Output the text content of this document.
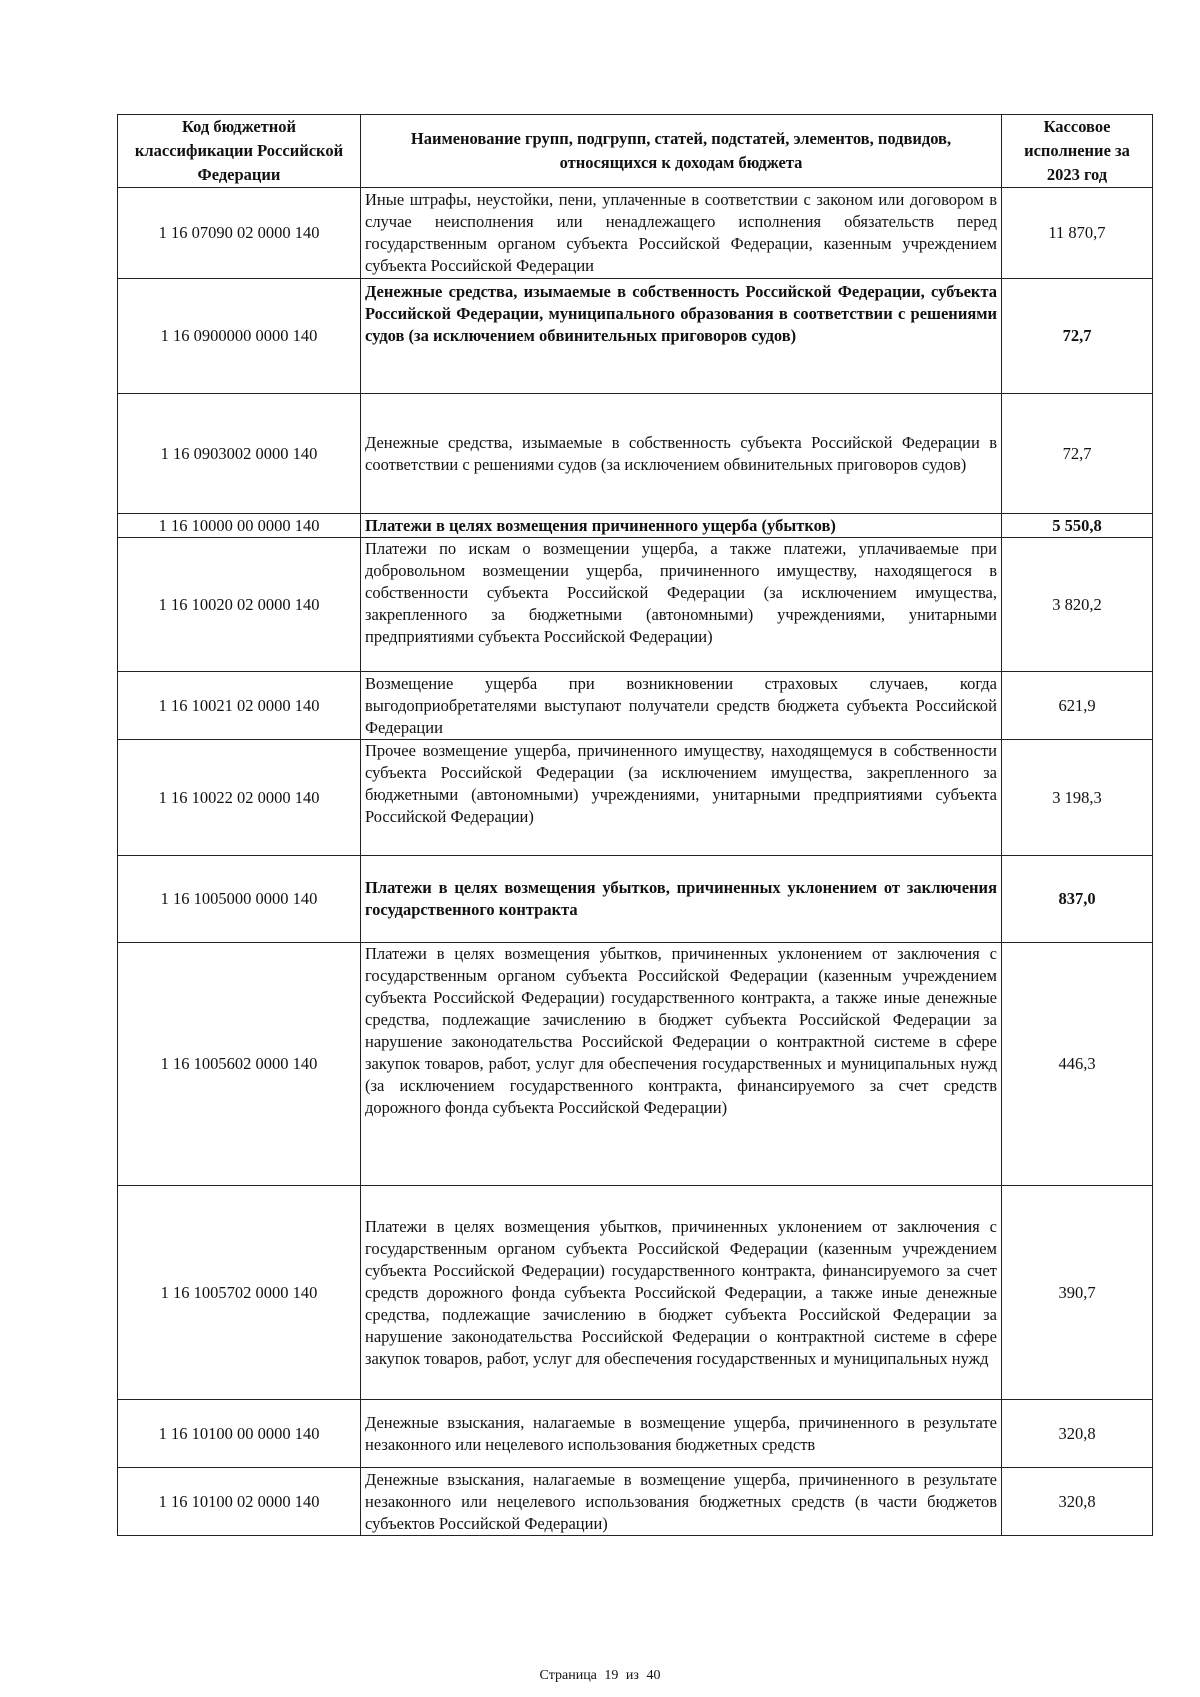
Код бюджетной классификации Российской Федерации	Наименование групп, подгрупп, статей, подстатей, элементов, подвидов, относящихся к доходам бюджета	Кассовое исполнение за 2023 год
1 16 07090 02 0000 140	Иные штрафы, неустойки, пени, уплаченные в соответствии с законом или договором в случае неисполнения или ненадлежащего исполнения обязательств перед государственным органом субъекта Российской Федерации, казенным учреждением субъекта Российской Федерации	11 870,7
1 16 0900000 0000 140	Денежные средства, изымаемые в собственность Российской Федерации, субъекта Российской Федерации, муниципального образования в соответствии с решениями судов (за исключением обвинительных приговоров судов)	72,7
1 16 0903002 0000 140	Денежные средства, изымаемые в собственность субъекта Российской Федерации в соответствии с решениями судов (за исключением обвинительных приговоров судов)	72,7
1 16 10000 00 0000 140	Платежи в целях возмещения причиненного ущерба (убытков)	5 550,8
1 16 10020 02 0000 140	Платежи по искам о возмещении ущерба, а также платежи, уплачиваемые при добровольном возмещении ущерба, причиненного имуществу, находящегося в собственности субъекта Российской Федерации (за исключением имущества, закрепленного за бюджетными (автономными) учреждениями, унитарными предприятиями субъекта Российской Федерации)	3 820,2
1 16 10021 02 0000 140	Возмещение ущерба при возникновении страховых случаев, когда выгодоприобретателями выступают получатели средств бюджета субъекта Российской Федерации	621,9
1 16 10022 02 0000 140	Прочее возмещение ущерба, причиненного имуществу, находящемуся в собственности субъекта Российской Федерации (за исключением имущества, закрепленного за бюджетными (автономными) учреждениями, унитарными предприятиями субъекта Российской Федерации)	3 198,3
1 16 1005000 0000 140	Платежи в целях возмещения убытков, причиненных уклонением от заключения государственного контракта	837,0
1 16 1005602 0000 140	Платежи в целях возмещения убытков, причиненных уклонением от заключения с государственным органом субъекта Российской Федерации (казенным учреждением субъекта Российской Федерации) государственного контракта, а также иные денежные средства, подлежащие зачислению в бюджет субъекта Российской Федерации за нарушение законодательства Российской Федерации о контрактной системе в сфере закупок товаров, работ, услуг для обеспечения государственных и муниципальных нужд (за исключением государственного контракта, финансируемого за счет средств дорожного фонда субъекта Российской Федерации)	446,3
1 16 1005702 0000 140	Платежи в целях возмещения убытков, причиненных уклонением от заключения с государственным органом субъекта Российской Федерации (казенным учреждением субъекта Российской Федерации) государственного контракта, финансируемого за счет средств дорожного фонда субъекта Российской Федерации, а также иные денежные средства, подлежащие зачислению в бюджет субъекта Российской Федерации за нарушение законодательства Российской Федерации о контрактной системе в сфере закупок товаров, работ, услуг для обеспечения государственных и муниципальных нужд	390,7
1 16 10100 00 0000 140	Денежные взыскания, налагаемые в возмещение ущерба, причиненного в результате незаконного или нецелевого использования бюджетных средств	320,8
1 16 10100 02 0000 140	Денежные взыскания, налагаемые в возмещение ущерба, причиненного в результате незаконного или нецелевого использования бюджетных средств (в части бюджетов субъектов Российской Федерации)	320,8
Страница 19 из 40
